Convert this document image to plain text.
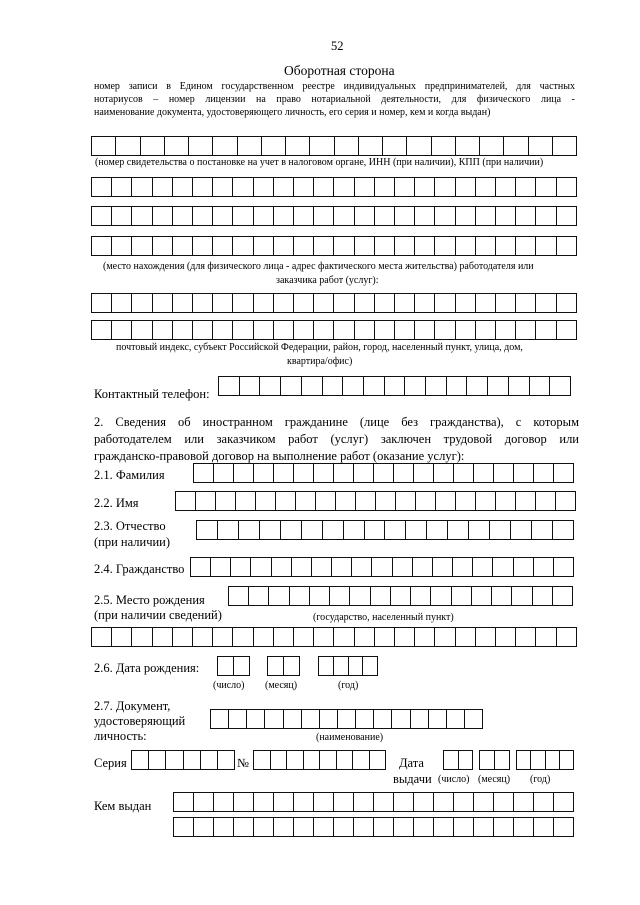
52
Оборотная сторона
номер записи в Едином государственном реестре индивидуальных предпринимателей, для частных
нотариусов – номер лицензии на право нотариальной деятельности, для физического лица -
наименование документа, удостоверяющего личность, его серия и номер, кем и когда выдан)
(номер свидетельства о постановке на учет в налоговом органе, ИНН (при наличии), КПП (при наличии)
(место нахождения (для физического лица - адрес фактического места жительства) работодателя или
заказчика работ (услуг):
почтовый индекс, субъект Российской Федерации, район, город, населенный пункт, улица, дом,
квартира/офис)
Контактный телефон:
2. Сведения об иностранном гражданине (лице без гражданства), с которым
работодателем или заказчиком работ (услуг) заключен трудовой договор или
гражданско-правовой договор на выполнение работ (оказание услуг):
2.1. Фамилия
2.2. Имя
2.3. Отчество
(при наличии)
2.4. Гражданство
2.5. Место рождения
(при наличии сведений)	(государство, населенный пункт)
2.6. Дата рождения:
(число) (месяц)	(год)
2.7. Документ,
удостоверяющий
личность:	(наименование)
Серия	№	Дата
выдачи (число) (месяц) (год)
Кем выдан
